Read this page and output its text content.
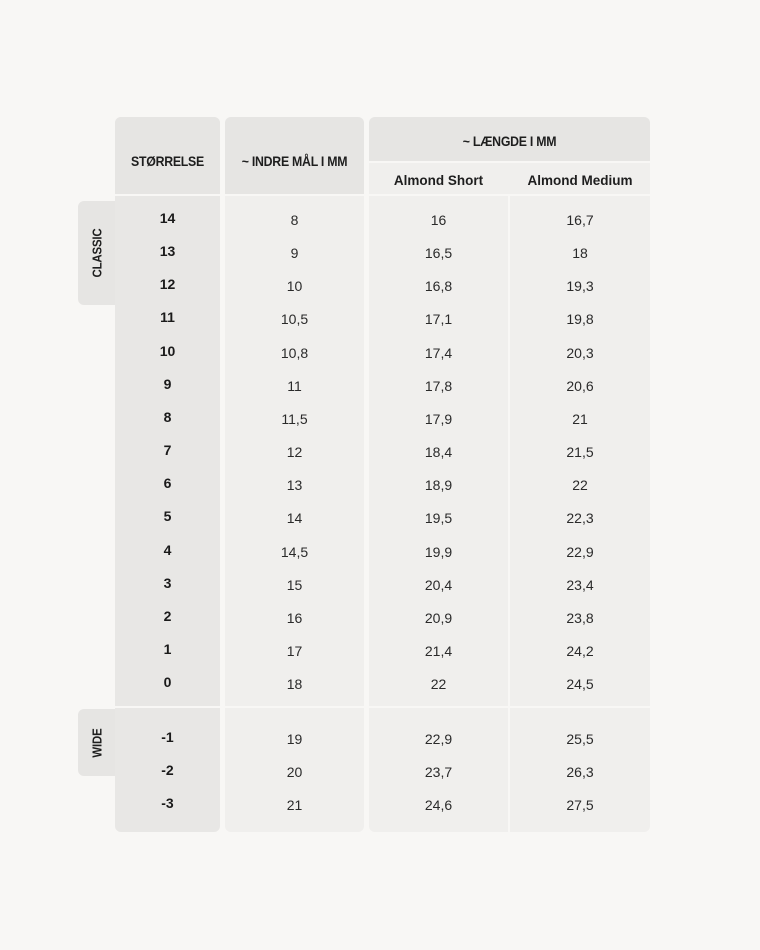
STØRRELSE	~ INDRE MÅL I MM
~ LÆNGDE I MM
Almond Short	Almond Medium
CLASSIC
WIDE
14	8	16	16,7
13	9	16,5	18
12	10	16,8	19,3
11	10,5	17,1	19,8
10	10,8	17,4	20,3
9	11	17,8	20,6
8	11,5	17,9	21
7	12	18,4	21,5
6	13	18,9	22
5	14	19,5	22,3
4	14,5	19,9	22,9
3	15	20,4	23,4
2	16	20,9	23,8
1	17	21,4	24,2
0	18	22	24,5
-1	19	22,9	25,5
-2	20	23,7	26,3
-3	21	24,6	27,5
